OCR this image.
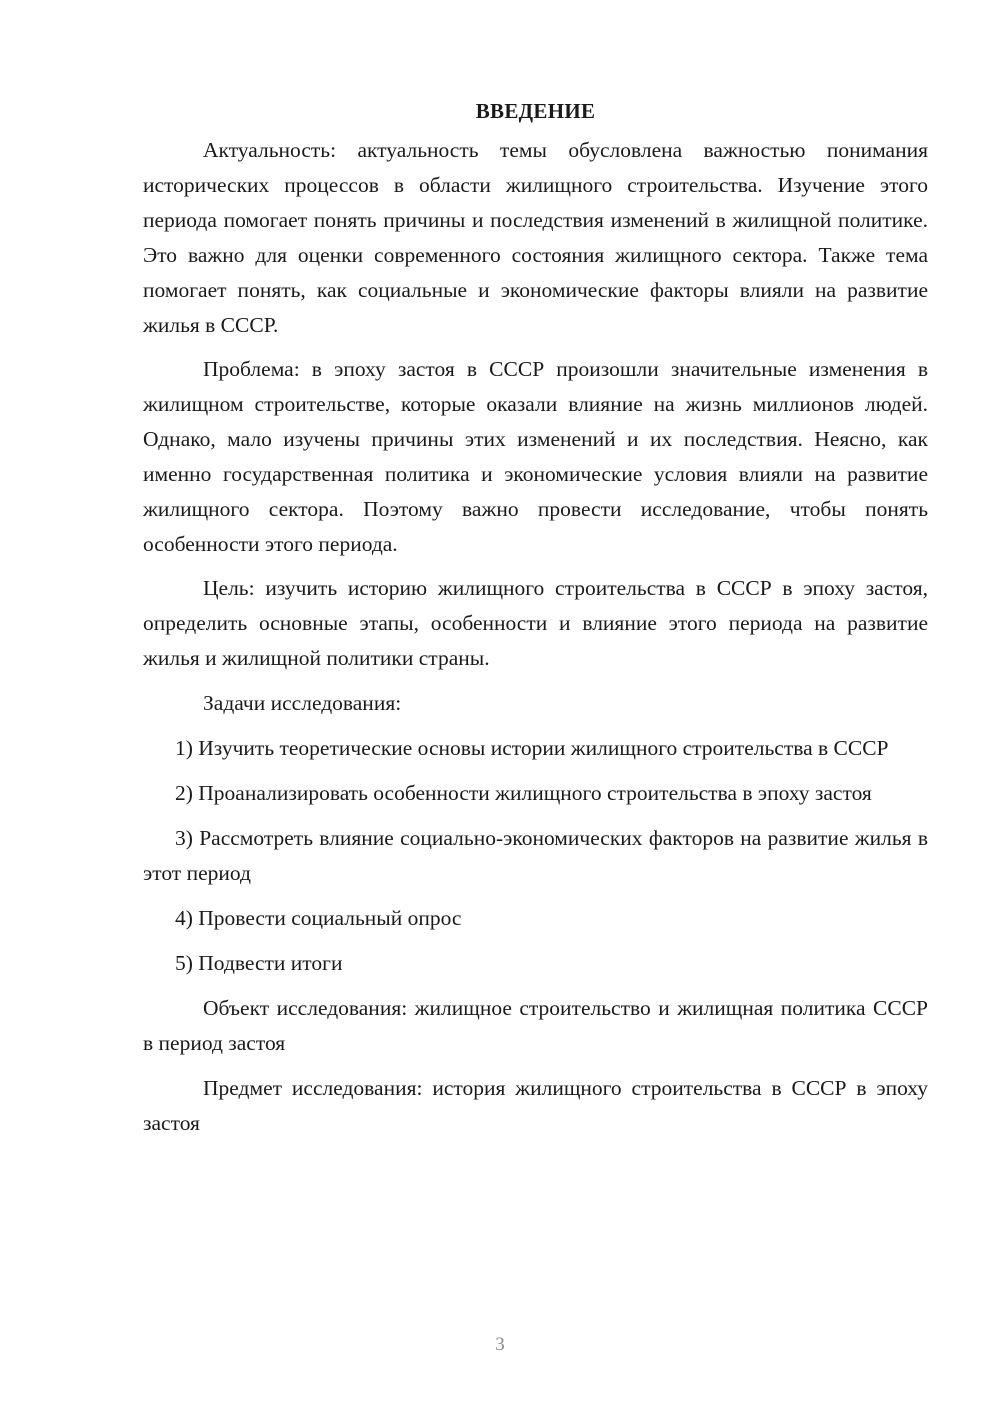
ВВЕДЕНИЕ

Актуальность: актуальность темы обусловлена важностью понимания исторических процессов в области жилищного строительства. Изучение этого периода помогает понять причины и последствия изменений в жилищной политике. Это важно для оценки современного состояния жилищного сектора. Также тема помогает понять, как социальные и экономические факторы влияли на развитие жилья в СССР.

Проблема: в эпоху застоя в СССР произошли значительные изменения в жилищном строительстве, которые оказали влияние на жизнь миллионов людей. Однако, мало изучены причины этих изменений и их последствия. Неясно, как именно государственная политика и экономические условия влияли на развитие жилищного сектора. Поэтому важно провести исследование, чтобы понять особенности этого периода.

Цель: изучить историю жилищного строительства в СССР в эпоху застоя, определить основные этапы, особенности и влияние этого периода на развитие жилья и жилищной политики страны.

Задачи исследования:

1) Изучить теоретические основы истории жилищного строительства в СССР

2) Проанализировать особенности жилищного строительства в эпоху застоя

3) Рассмотреть влияние социально-экономических факторов на развитие жилья в этот период

4) Провести социальный опрос

5) Подвести итоги

Объект исследования: жилищное строительство и жилищная политика СССР в период застоя

Предмет исследования: история жилищного строительства в СССР в эпоху застоя

3
